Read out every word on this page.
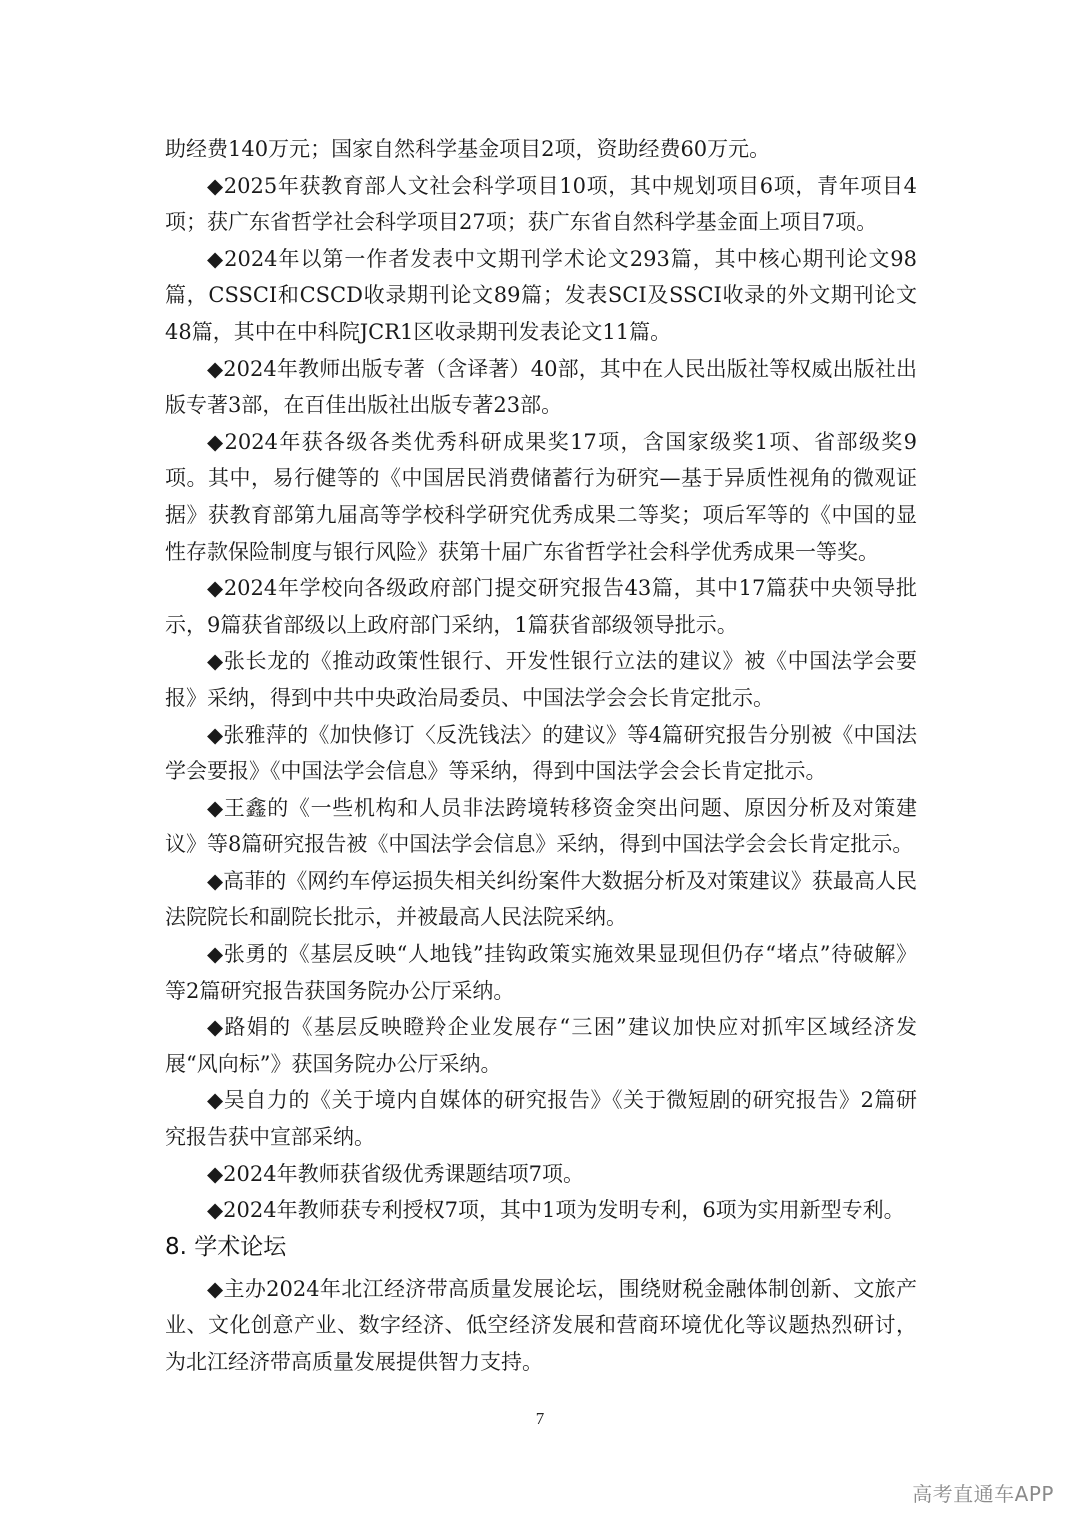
助经费140万元；国家自然科学基金项目2项，资助经费60万元。

◆2025年获教育部人文社会科学项目10项，其中规划项目6项，青年项目4项；获广东省哲学社会科学项目27项；获广东省自然科学基金面上项目7项。

◆2024年以第一作者发表中文期刊学术论文293篇，其中核心期刊论文98篇，CSSCI和CSCD收录期刊论文89篇；发表SCI及SSCI收录的外文期刊论文48篇，其中在中科院JCR1区收录期刊发表论文11篇。

◆2024年教师出版专著（含译著）40部，其中在人民出版社等权威出版社出版专著3部，在百佳出版社出版专著23部。

◆2024年获各级各类优秀科研成果奖17项，含国家级奖1项、省部级奖9项。其中，易行健等的《中国居民消费储蓄行为研究—基于异质性视角的微观证据》获教育部第九届高等学校科学研究优秀成果二等奖；项后军等的《中国的显性存款保险制度与银行风险》获第十届广东省哲学社会科学优秀成果一等奖。

◆2024年学校向各级政府部门提交研究报告43篇，其中17篇获中央领导批示，9篇获省部级以上政府部门采纳，1篇获省部级领导批示。

◆张长龙的《推动政策性银行、开发性银行立法的建议》被《中国法学会要报》采纳，得到中共中央政治局委员、中国法学会会长肯定批示。

◆张雅萍的《加快修订〈反洗钱法〉的建议》等4篇研究报告分别被《中国法学会要报》《中国法学会信息》等采纳，得到中国法学会会长肯定批示。

◆王鑫的《一些机构和人员非法跨境转移资金突出问题、原因分析及对策建议》等8篇研究报告被《中国法学会信息》采纳，得到中国法学会会长肯定批示。

◆高菲的《网约车停运损失相关纠纷案件大数据分析及对策建议》获最高人民法院院长和副院长批示，并被最高人民法院采纳。

◆张勇的《基层反映“人地钱”挂钩政策实施效果显现但仍存“堵点”待破解》等2篇研究报告获国务院办公厅采纳。

◆路娟的《基层反映瞪羚企业发展存“三困”建议加快应对抓牢区域经济发展“风向标”》获国务院办公厅采纳。

◆吴自力的《关于境内自媒体的研究报告》《关于微短剧的研究报告》2篇研究报告获中宣部采纳。

◆2024年教师获省级优秀课题结项7项。

◆2024年教师获专利授权7项，其中1项为发明专利，6项为实用新型专利。

8. 学术论坛

◆主办2024年北江经济带高质量发展论坛，围绕财税金融体制创新、文旅产业、文化创意产业、数字经济、低空经济发展和营商环境优化等议题热烈研讨，为北江经济带高质量发展提供智力支持。

7
高考直通车APP
